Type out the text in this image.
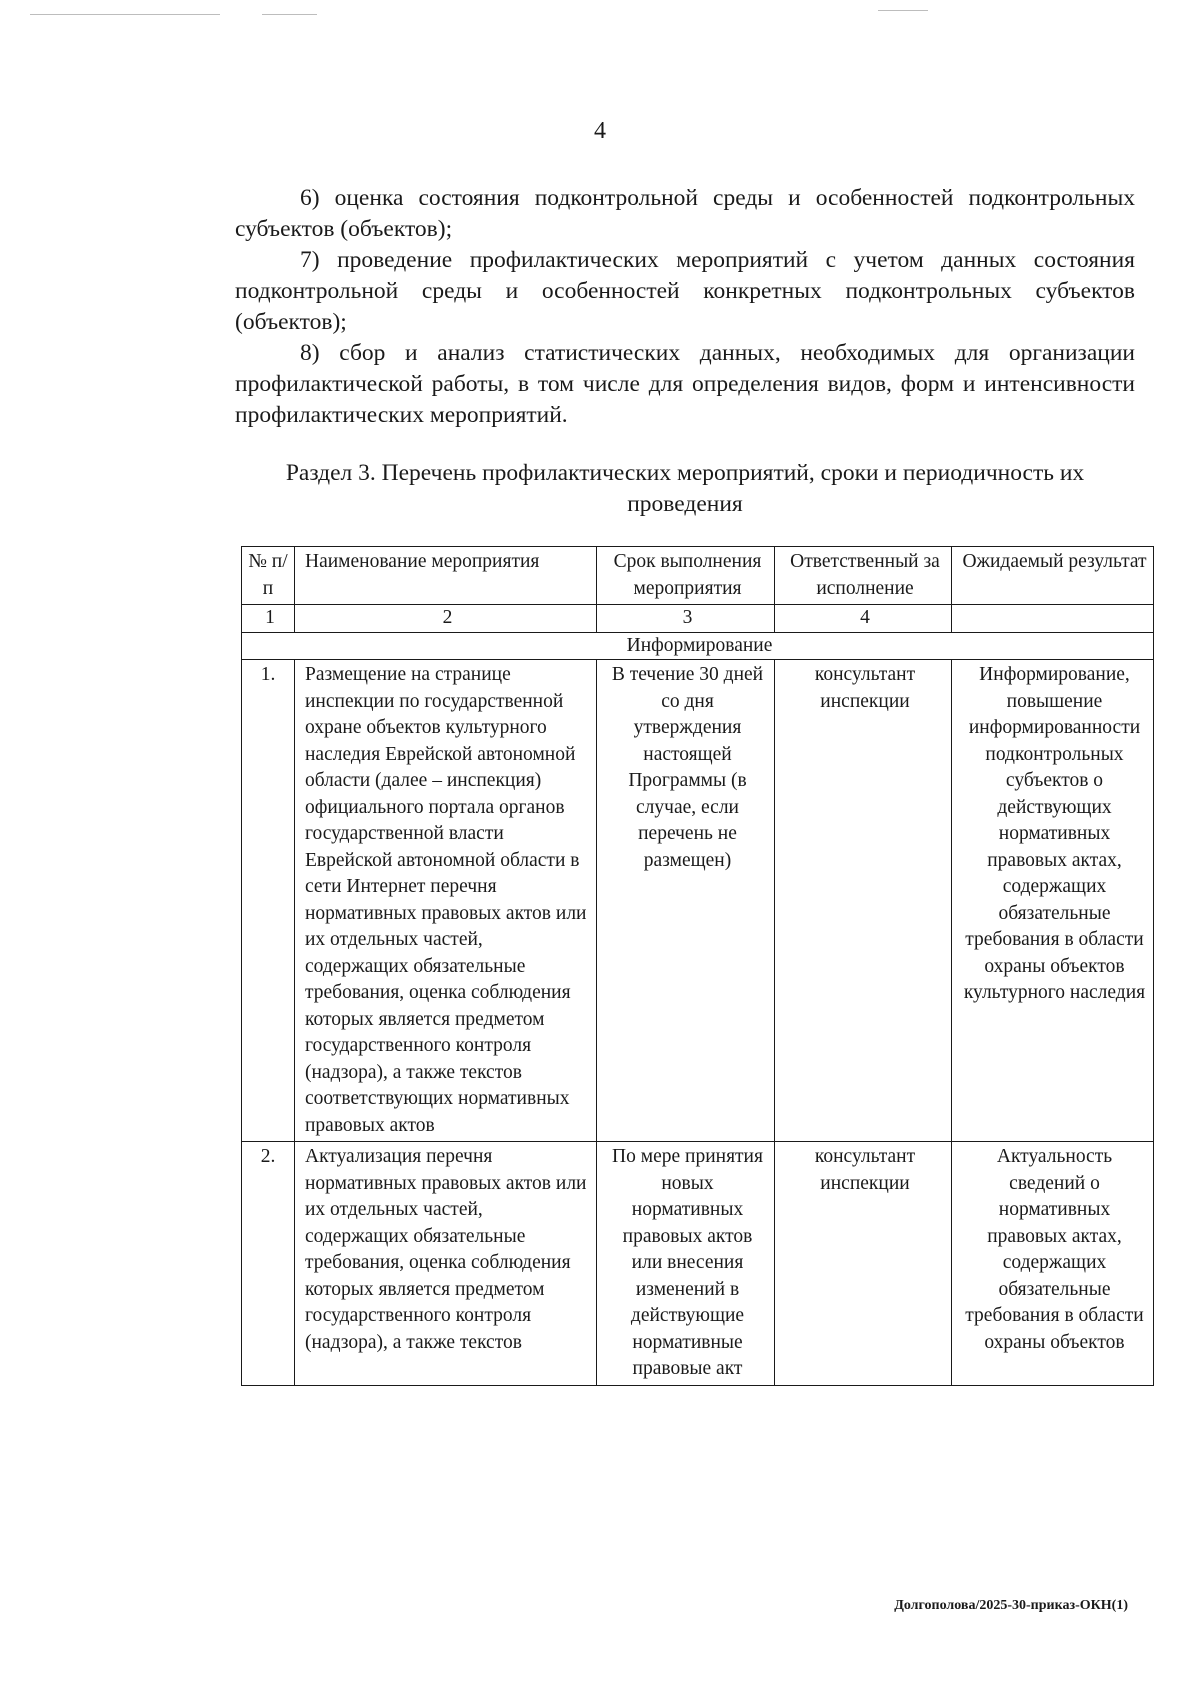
4

6) оценка состояния подконтрольной среды и особенностей подконтрольных субъектов (объектов);

7) проведение профилактических мероприятий с учетом данных состояния подконтрольной среды и особенностей конкретных подконтрольных субъектов (объектов);

8) сбор и анализ статистических данных, необходимых для организации профилактической работы, в том числе для определения видов, форм и интенсивности профилактических мероприятий.

Раздел 3. Перечень профилактических мероприятий, сроки и периодичность их проведения
№ п/п	Наименование мероприятия	Срок выполнения мероприятия	Ответственный за исполнение	Ожидаемый результат
1	2	3	4	
Информирование				
1.	Размещение на странице инспекции по государственной охране объектов культурного наследия Еврейской автономной области (далее – инспекция) официального портала органов государственной власти Еврейской автономной области в сети Интернет перечня нормативных правовых актов или их отдельных частей, содержащих обязательные требования, оценка соблюдения которых является предметом государственного контроля (надзора), а также текстов соответствующих нормативных правовых актов	В течение 30 дней со дня утверждения настоящей Программы (в случае, если перечень не размещен)	консультант инспекции	Информирование, повышение информированности подконтрольных субъектов о действующих нормативных правовых актах, содержащих обязательные требования в области охраны объектов культурного наследия
2.	Актуализация перечня нормативных правовых актов или их отдельных частей, содержащих обязательные требования, оценка соблюдения которых является предметом государственного контроля (надзора), а также текстов	По мере принятия новых нормативных правовых актов или внесения изменений в действующие нормативные правовые акт	консультант инспекции	Актуальность сведений о нормативных правовых актах, содержащих обязательные требования в области охраны объектов
Долгополова/2025-30-приказ-ОКН(1)
